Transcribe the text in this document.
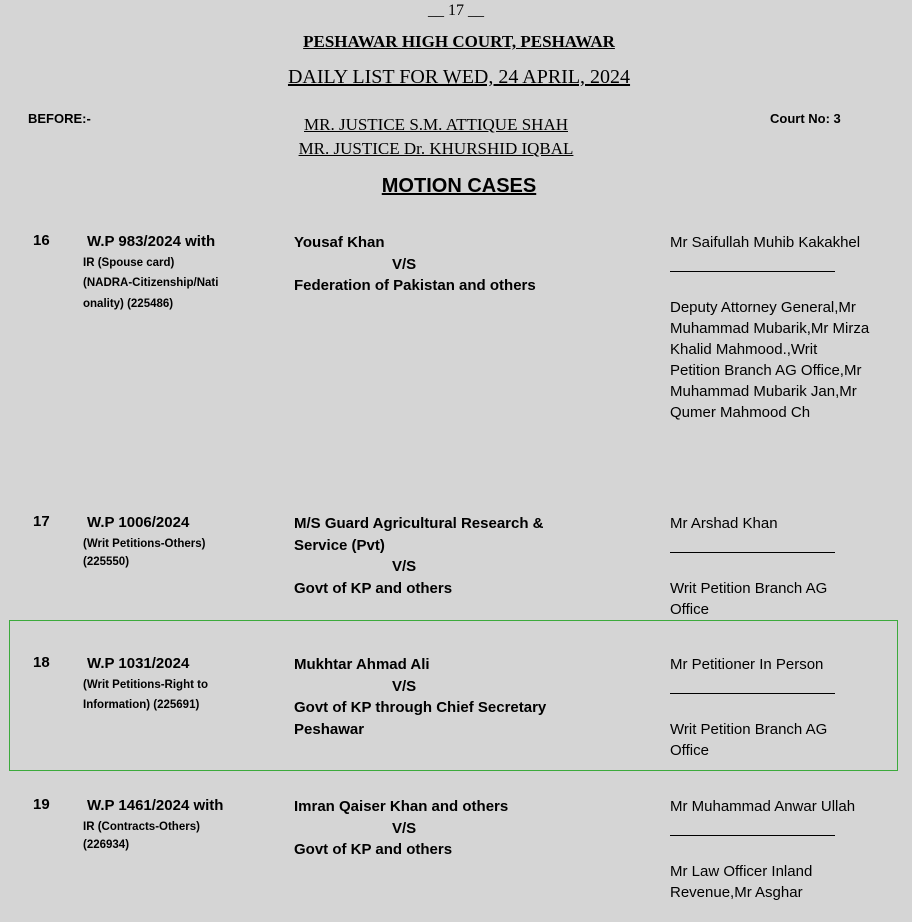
__ 17 __
PESHAWAR HIGH COURT, PESHAWAR
DAILY LIST FOR WED, 24 APRIL, 2024
BEFORE:-	Court No: 3
MR. JUSTICE S.M. ATTIQUE SHAH
MR. JUSTICE Dr. KHURSHID IQBAL
MOTION CASES
16 W.P 983/2024 with
IR (Spouse card)
(NADRA-Citizenship/Nati
onality) (225486)
Yousaf Khan
V/S
Federation of Pakistan and others
Mr Saifullah Muhib Kakakhel
Deputy Attorney General,Mr Muhammad Mubarik,Mr Mirza Khalid Mahmood.,Writ Petition Branch AG Office,Mr Muhammad Mubarik Jan,Mr Qumer Mahmood Ch
17 W.P 1006/2024
(Writ Petitions-Others)
(225550)
M/S Guard Agricultural Research & Service (Pvt)
V/S
Govt of KP and others
Mr Arshad Khan
Writ Petition Branch AG Office
18 W.P 1031/2024
(Writ Petitions-Right to
Information) (225691)
Mukhtar Ahmad Ali
V/S
Govt of KP through Chief Secretary Peshawar
Mr Petitioner In Person
Writ Petition Branch AG Office
19 W.P 1461/2024 with
IR (Contracts-Others)
(226934)
Imran Qaiser Khan and others
V/S
Govt of KP and others
Mr Muhammad Anwar Ullah
Mr Law Officer Inland Revenue,Mr Asghar
